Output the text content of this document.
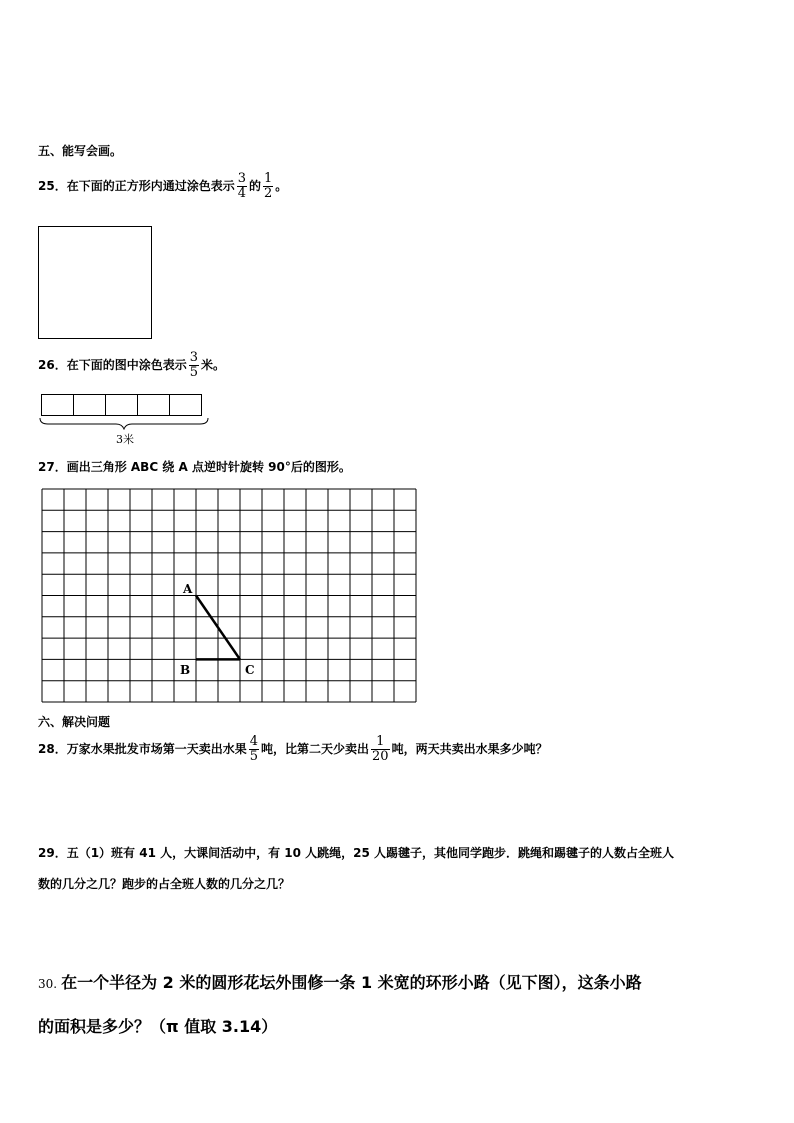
五、能写会画。
25．在下面的正方形内通过涂色表示 $\frac{3}{4}$ 的 $\frac{1}{2}$ 。
26．在下面的图中涂色表示 $\frac{3}{5}$ 米。
3米
27．画出三角形 ABC 绕 A 点逆时针旋转 90°后的图形。
A
B	C
六、解决问题
28．万家水果批发市场第一天卖出水果 $\frac{4}{5}$ 吨，比第二天少卖出 $\frac{1}{20}$ 吨，两天共卖出水果多少吨？
29．五（1）班有 41 人，大课间活动中，有 10 人跳绳，25 人踢毽子，其他同学跑步．跳绳和踢毽子的人数占全班人
数的几分之几？跑步的占全班人数的几分之几？
30. 在一个半径为 2 米的圆形花坛外围修一条 1 米宽的环形小路（见下图），这条小路
的面积是多少？（π 值取 3.14）
